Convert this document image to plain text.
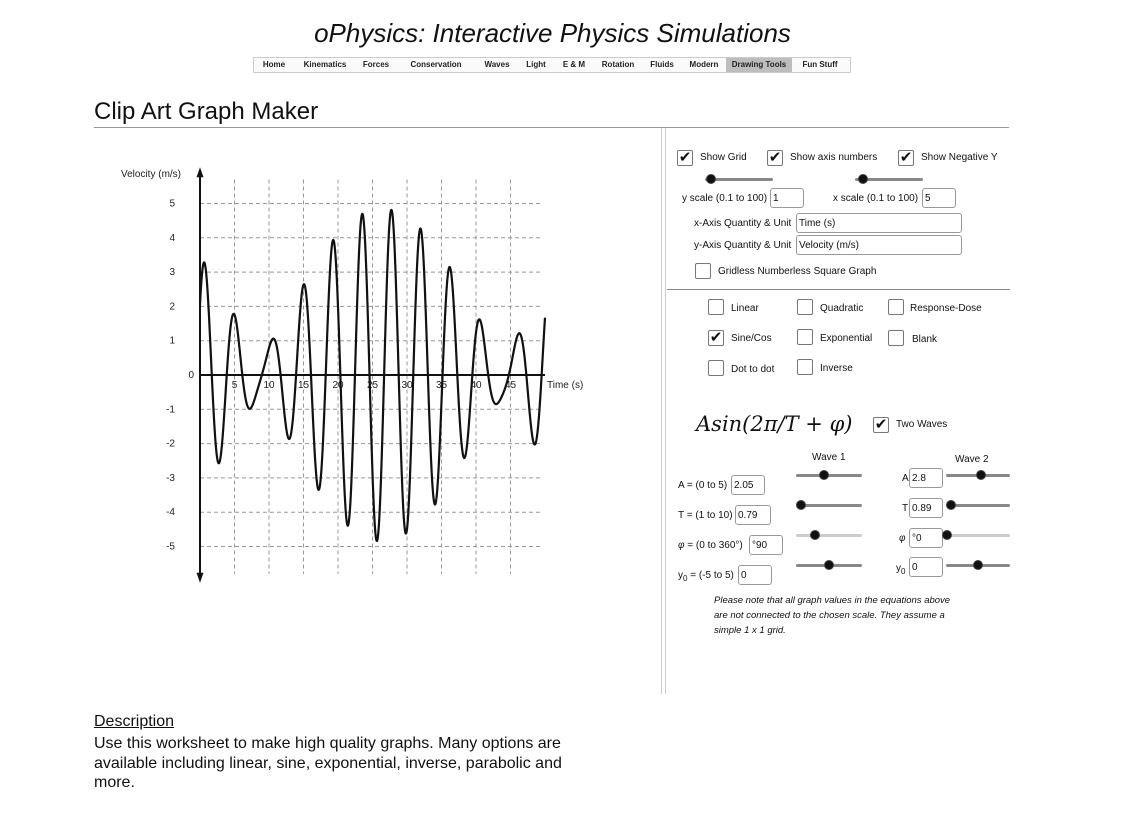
oPhysics: Interactive Physics Simulations
Home	Kinematics	Forces	Conservation	Waves	Light	E & M	Rotation	Fluids	Modern	Drawing Tools	Fun Stuff
Clip Art Graph Maker
5	10 15 20 25 30 35 40 45
5
4
3
2
1
0
-1
-2
-3
-4
-5
Velocity (m/s)
Time (s)
✔ Show Grid ✔ Show axis numbers ✔ Show Negative Y
y scale (0.1 to 100)
1	x scale (0.1 to 100)
5
x-Axis Quantity & Unit
Time (s)
y-Axis Quantity & Unit
Velocity (m/s)
Gridless Numberless Square Graph
Linear	Quadratic	Response-Dose
✔ Sine/Cos	Exponential	Blank
Dot to dot	Inverse
Asin(2π/T + φ) ✔ Two Waves
Wave 1	Wave 2
A = (0 to 5)
2.05
T = (1 to 10)
0.79
φ = (0 to 360°)
°90
$y_0 = (-5$ to 5)
0
A
2.8
T
0.89
φ
°0
$y_0$
0
Please note that all graph values in the equations above are not connected to the chosen scale. They assume a simple 1 x 1 grid.
Description
Use this worksheet to make high quality graphs. Many options are available including linear, sine, exponential, inverse, parabolic and more.
